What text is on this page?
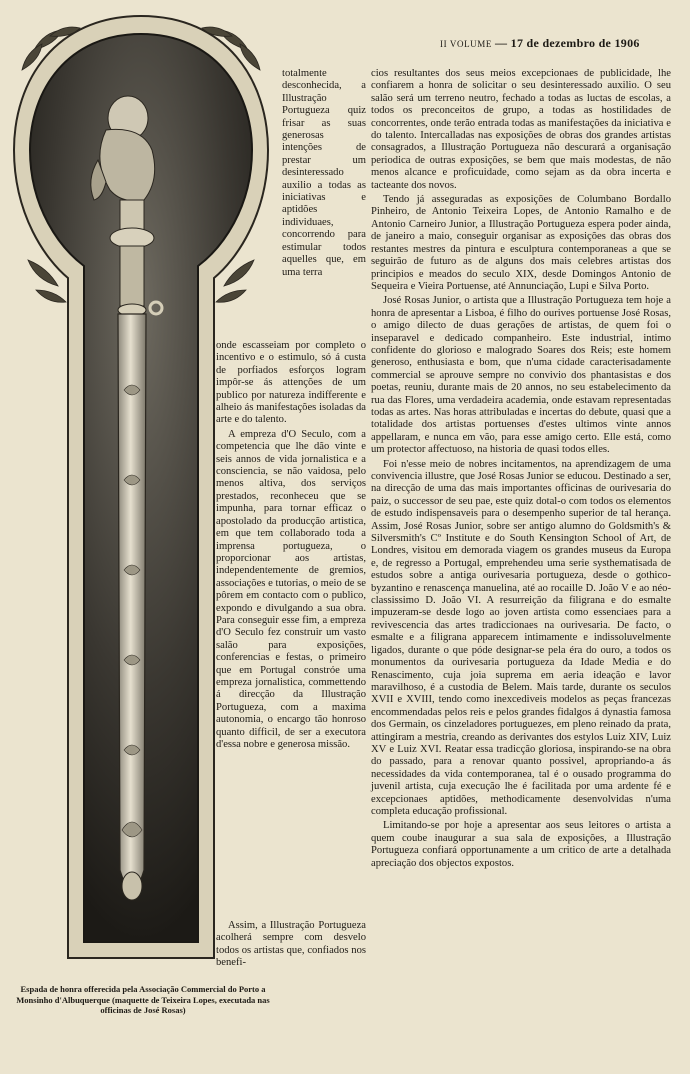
II VOLUME — 17 de dezembro de 1906
Espada de honra offerecida pela Associação Commercial do Porto a Monsinho d'Albuquerque (maquette de Teixeira Lopes, executada nas officinas de José Rosas)

totalmente desconhecida, a Illustração Portugueza quiz frisar as suas generosas intenções de prestar um desinteressado auxilio a todas as iniciativas e aptidões individuaes, concorrendo para estimular todos aquelles que, em uma terra

onde escasseiam por completo o incentivo e o estimulo, só á custa de porfiados esforços logram impôr-se ás attenções de um publico por natureza indifferente e alheio ás manifestações isoladas da arte e do talento.

A empreza d'O Seculo, com a competencia que lhe dão vinte e seis annos de vida jornalistica e a consciencia, se não vaidosa, pelo menos altiva, dos serviços prestados, reconheceu que se impunha, para tornar efficaz o apostolado da producção artistica, em que tem collaborado toda a imprensa portugueza, o proporcionar aos artistas, independentemente de gremios, associações e tutorias, o meio de se pôrem em contacto com o publico, expondo e divulgando a sua obra. Para conseguir esse fim, a empreza d'O Seculo fez construir um vasto salão para exposições, conferencias e festas, o primeiro que em Portugal constróe uma empreza jornalistica, commettendo á direcção da Illustração Portugueza, com a maxima autonomia, o encargo tão honroso quanto difficil, de ser a executora d'essa nobre e generosa missão.

Assim, a Illustração Portugueza acolherá sempre com desvelo todos os artistas que, confiados nos benefi-

cios resultantes dos seus meios excepcionaes de publicidade, lhe confiarem a honra de solicitar o seu desinteressado auxilio. O seu salão será um terreno neutro, fechado a todas as luctas de escolas, a todos os preconceitos de grupo, a todas as hostilidades de concorrentes, onde terão entrada todas as manifestações da iniciativa e do talento. Intercalladas nas exposições de obras dos grandes artistas consagrados, a Illustração Portugueza não descurará a organisação periodica de outras exposições, se bem que mais modestas, de não menos alcance e proficuidade, como sejam as da obra incerta e tacteante dos novos.

Tendo já asseguradas as exposições de Columbano Bordallo Pinheiro, de Antonio Teixeira Lopes, de Antonio Ramalho e de Antonio Carneiro Junior, a Illustração Portugueza espera poder ainda, de janeiro a maio, conseguir organisar as exposições das obras dos restantes mestres da pintura e esculptura contemporaneas a que se seguirão de futuro as de alguns dos mais celebres artistas dos principios e meados do seculo XIX, desde Domingos Antonio de Sequeira e Vieira Portuense, até Annunciação, Lupi e Silva Porto.

José Rosas Junior, o artista que a Illustração Portugueza tem hoje a honra de apresentar a Lisboa, é filho do ourives portuense José Rosas, o amigo dilecto de duas gerações de artistas, de quem foi o inseparavel e dedicado companheiro. Este industrial, intimo confidente do glorioso e malogrado Soares dos Reis; este homem generoso, enthusiasta e bom, que n'uma cidade caracterisadamente commercial se aprouve sempre no convivio dos phantasistas e dos poetas, reuniu, durante mais de 20 annos, no seu estabelecimento da rua das Flores, uma verdadeira academia, onde estavam representadas todas as artes. Nas horas attribuladas e incertas do debute, quasi que a totalidade dos artistas portuenses d'estes ultimos vinte annos appellaram, e nunca em vão, para esse amigo certo. Elle está, como um protector affectuoso, na historia de quasi todos elles.

Foi n'esse meio de nobres incitamentos, na aprendizagem de uma convivencia illustre, que José Rosas Junior se educou. Destinado a ser, na direcção de uma das mais importantes officinas de ourivesaria do paiz, o successor de seu pae, este quiz dotal-o com todos os elementos de estudo indispensaveis para o desempenho superior de tal herança. Assim, José Rosas Junior, sobre ser antigo alumno do Goldsmith's & Silversmith's Cº Institute e do South Kensington School of Art, de Londres, visitou em demorada viagem os grandes museus da Europa e, de regresso a Portugal, emprehendeu uma serie systhematisada de estudos sobre a antiga ourivesaria portugueza, desde o gothico-byzantino e renascença manuelina, até ao rocaille D. João V e ao néo-classissimo D. João VI. A resurreição da filigrana e do esmalte impuzeram-se desde logo ao joven artista como essenciaes para a revivescencia das artes tradiccionaes na ourivesaria. De facto, o esmalte e a filigrana apparecem intimamente e indissoluvelmente ligados, durante o que póde designar-se pela éra do ouro, a todos os monumentos da ourivesaria portugueza da Idade Media e do Renascimento, cuja joia suprema em aeria ideação e lavor maravilhoso, é a custodia de Belem. Mais tarde, durante os seculos XVII e XVIII, tendo como inexcediveis modelos as peças francezas encommendadas pelos reis e pelos grandes fidalgos á dynastia famosa dos Germain, os cinzeladores portuguezes, em pleno reinado da prata, attingiram a mestria, creando as derivantes dos estylos Luiz XIV, Luiz XV e Luiz XVI. Reatar essa tradicção gloriosa, inspirando-se na obra do passado, para a renovar quanto possivel, apropriando-a ás necessidades da vida contemporanea, tal é o ousado programma do juvenil artista, cuja execução lhe é facilitada por uma ardente fé e excepcionaes aptidões, methodicamente desenvolvidas n'uma completa educação profissional.

Limitando-se por hoje a apresentar aos seus leitores o artista a quem coube inaugurar a sua sala de exposições, a Illustração Portugueza confiará opportunamente a um critico de arte a detalhada apreciação dos objectos expostos.
